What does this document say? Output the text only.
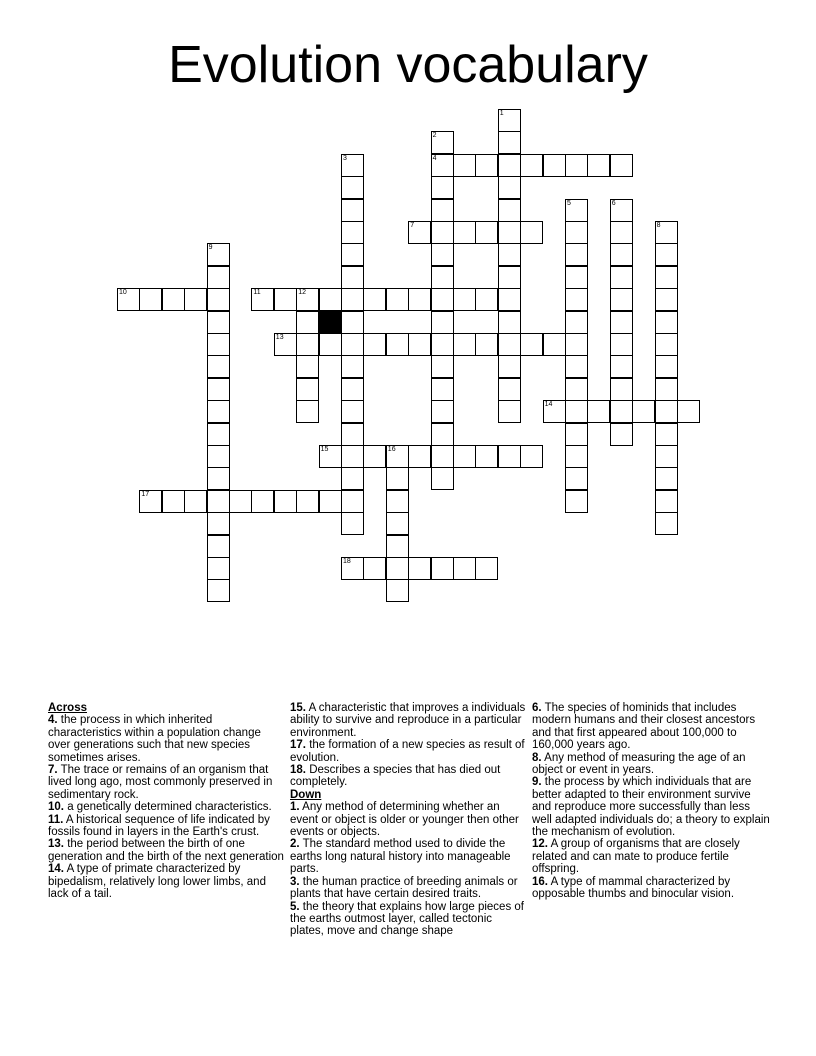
Evolution vocabulary
1
2
3	4
5	6
7	8
9
10	11	12
13
14
15	16
17
18

Across

4. the process in which inherited characteristics within a population change over generations such that new species sometimes arises.

7. The trace or remains of an organism that lived long ago, most commonly preserved in sedimentary rock.

10. a genetically determined characteristics.

11. A historical sequence of life indicated by fossils found in layers in the Earth's crust.

13. the period between the birth of one generation and the birth of the next generation

14. A type of primate characterized by bipedalism, relatively long lower limbs, and lack of a tail.

15. A characteristic that improves a individuals ability to survive and reproduce in a particular environment.

17. the formation of a new species as result of evolution.

18. Describes a species that has died out completely.

Down

1. Any method of determining whether an event or object is older or younger then other events or objects.

2. The standard method used to divide the earths long natural history into manageable parts.

3. the human practice of breeding animals or plants that have certain desired traits.

5. the theory that explains how large pieces of the earths outmost layer, called tectonic plates, move and change shape

6. The species of hominids that includes modern humans and their closest ancestors and that first appeared about 100,000 to 160,000 years ago.

8. Any method of measuring the age of an object or event in years.

9. the process by which individuals that are better adapted to their environment survive and reproduce more successfully than less well adapted individuals do; a theory to explain the mechanism of evolution.

12. A group of organisms that are closely related and can mate to produce fertile offspring.

16. A type of mammal characterized by opposable thumbs and binocular vision.
